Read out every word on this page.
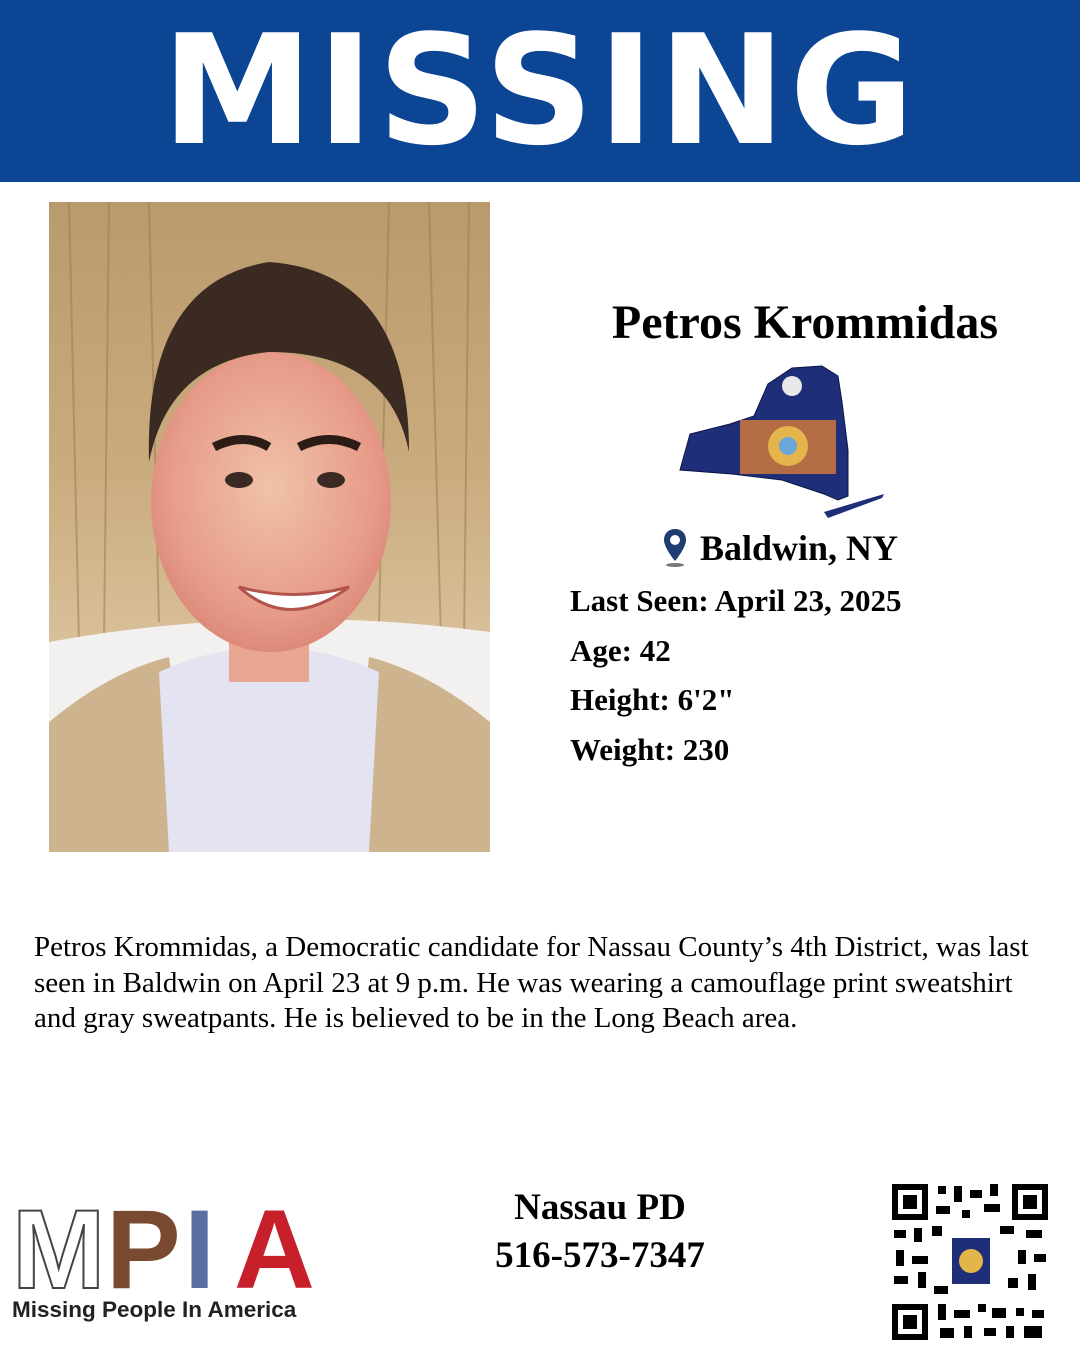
MISSING
Petros Krommidas
Baldwin, NY
Last Seen: April 23, 2025
Age: 42
Height: 6'2"
Weight: 230

Petros Krommidas, a Democratic candidate for Nassau County’s 4th District, was last seen in Baldwin on April 23 at 9 p.m. He was wearing a camouflage print sweatshirt and gray sweatpants. He is believed to be in the Long Beach area.

M P I A
Missing People In America
Nassau PD
516-573-7347
